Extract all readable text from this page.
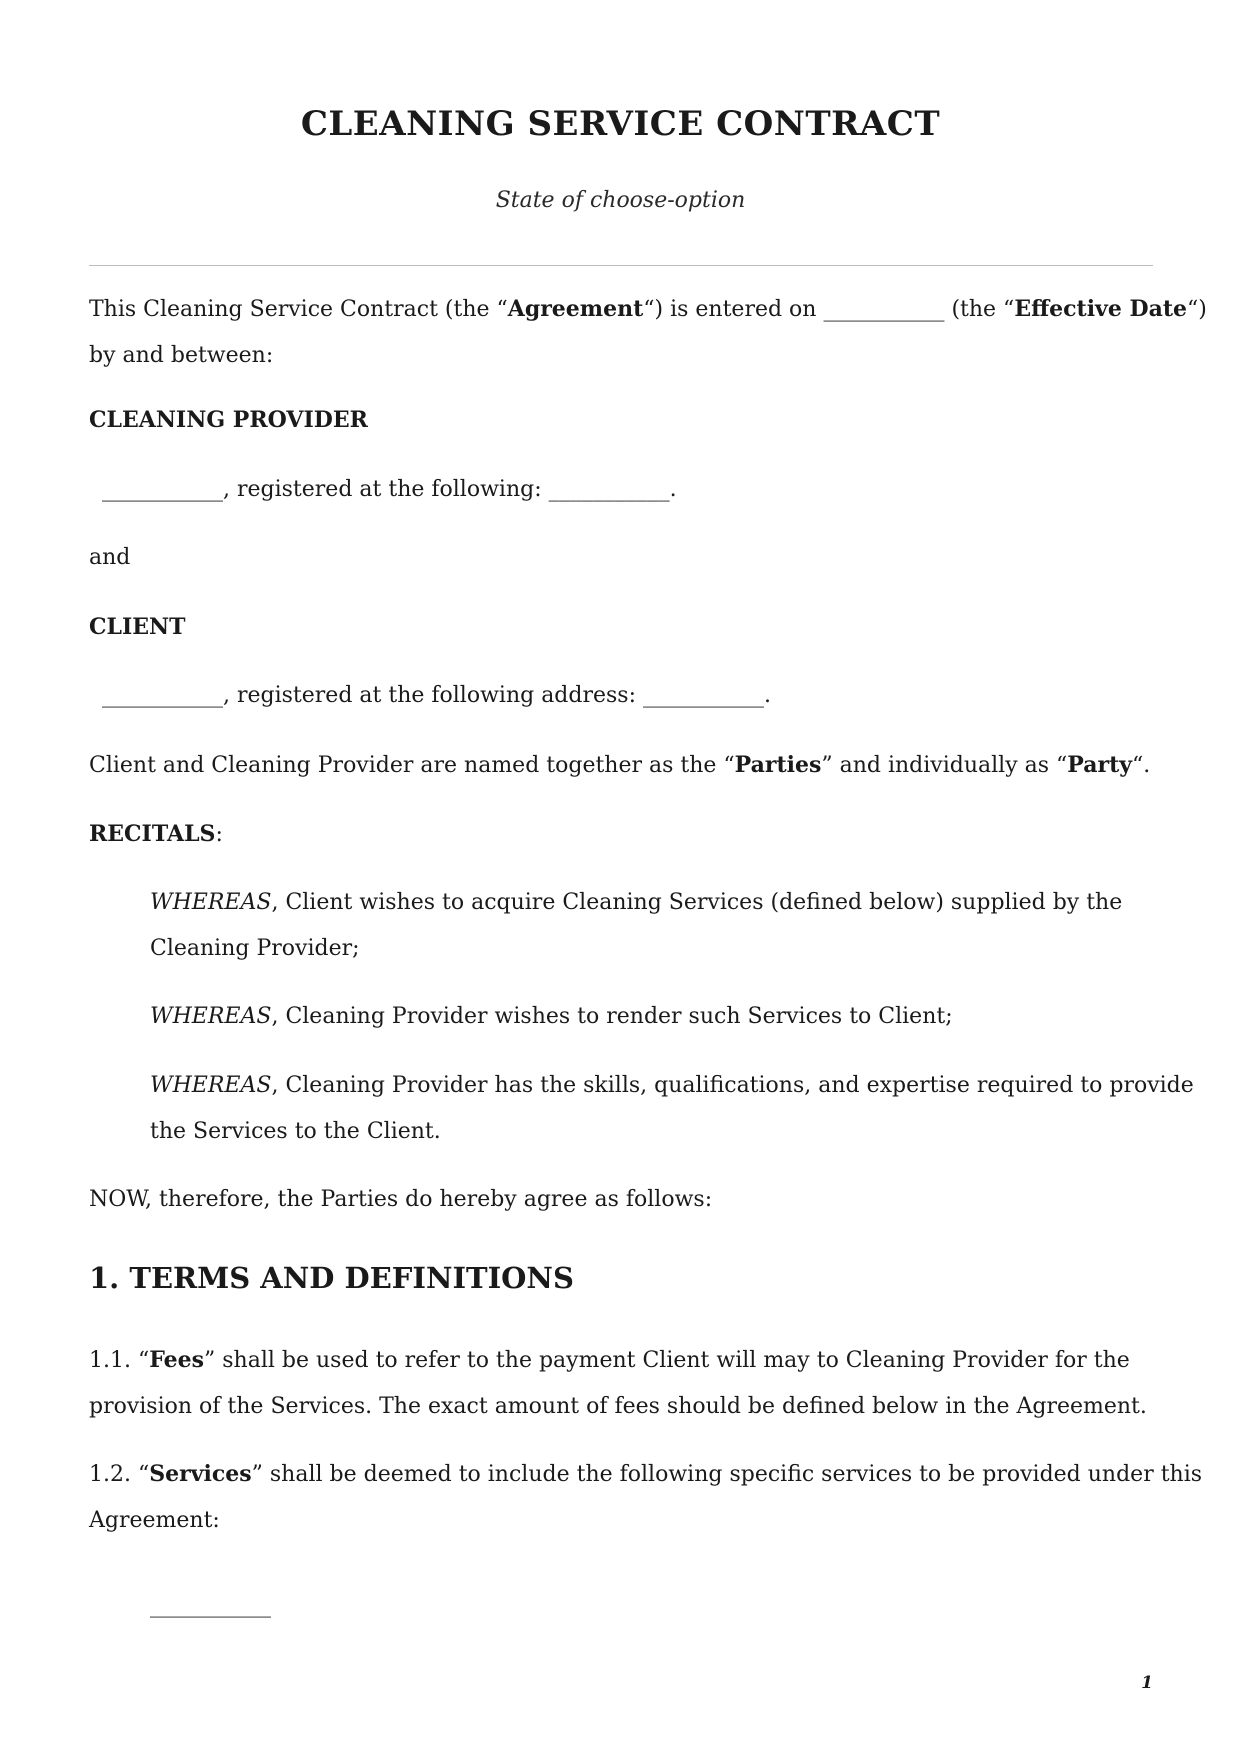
CLEANING SERVICE CONTRACT
State of choose-option
This Cleaning Service Contract (the “Agreement“) is entered on ___________ (the “Effective Date“)
by and between:
CLEANING PROVIDER
___________, registered at the following: ___________.
and
CLIENT
___________, registered at the following address: ___________.
Client and Cleaning Provider are named together as the “Parties” and individually as “Party“.
RECITALS:
WHEREAS, Client wishes to acquire Cleaning Services (defined below) supplied by the
Cleaning Provider;
WHEREAS, Cleaning Provider wishes to render such Services to Client;
WHEREAS, Cleaning Provider has the skills, qualifications, and expertise required to provide
the Services to the Client.
NOW, therefore, the Parties do hereby agree as follows:
1. TERMS AND DEFINITIONS
1.1. “Fees” shall be used to refer to the payment Client will may to Cleaning Provider for the
provision of the Services. The exact amount of fees should be defined below in the Agreement.
1.2. “Services” shall be deemed to include the following specific services to be provided under this
Agreement:
___________
1
